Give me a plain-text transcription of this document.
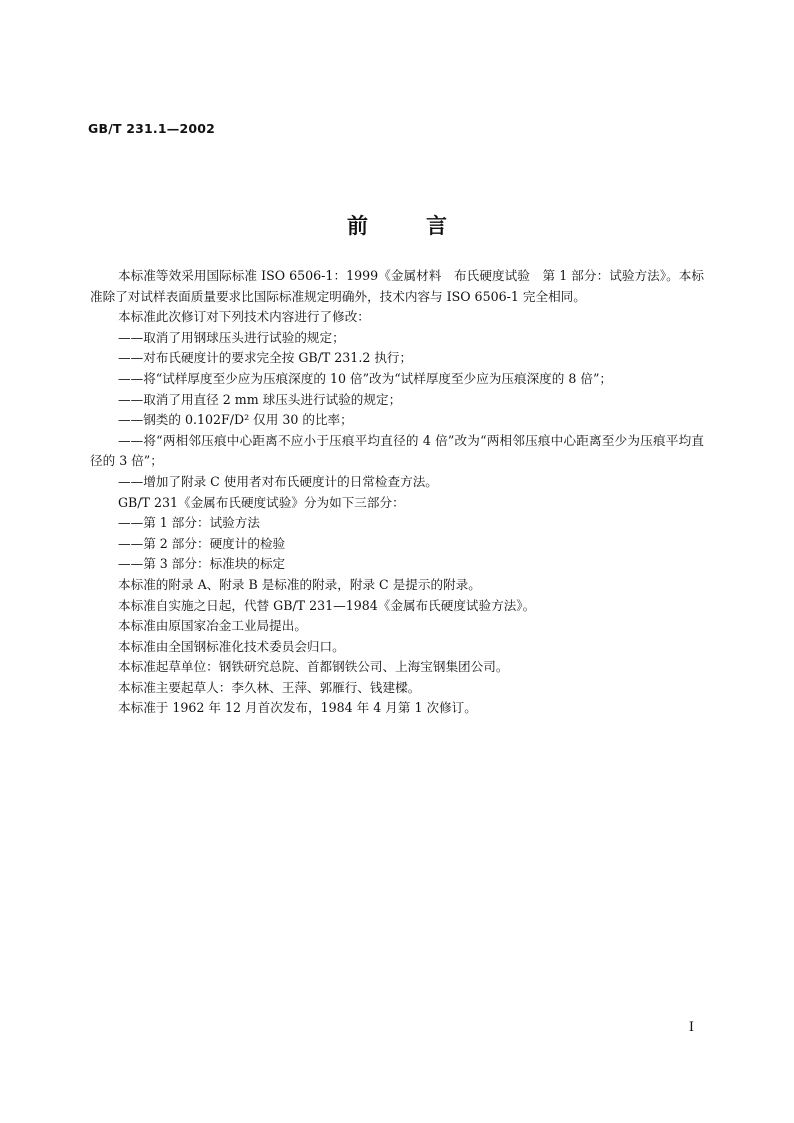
GB/T 231.1—2002
前言

本标准等效采用国际标准 ISO 6506-1：1999《金属材料　布氏硬度试验　第 1 部分：试验方法》。本标准除了对试样表面质量要求比国际标准规定明确外，技术内容与 ISO 6506-1 完全相同。

本标准此次修订对下列技术内容进行了修改：

——取消了用钢球压头进行试验的规定；

——对布氏硬度计的要求完全按 GB/T 231.2 执行；

——将“试样厚度至少应为压痕深度的 10 倍”改为“试样厚度至少应为压痕深度的 8 倍”；

——取消了用直径 2 mm 球压头进行试验的规定；

——钢类的 0.102F/D² 仅用 30 的比率；

——将“两相邻压痕中心距离不应小于压痕平均直径的 4 倍”改为“两相邻压痕中心距离至少为压痕平均直径的 3 倍”；

——增加了附录 C 使用者对布氏硬度计的日常检查方法。

GB/T 231《金属布氏硬度试验》分为如下三部分：

——第 1 部分：试验方法

——第 2 部分：硬度计的检验

——第 3 部分：标准块的标定

本标准的附录 A、附录 B 是标准的附录，附录 C 是提示的附录。

本标准自实施之日起，代替 GB/T 231—1984《金属布氏硬度试验方法》。

本标准由原国家冶金工业局提出。

本标准由全国钢标准化技术委员会归口。

本标准起草单位：钢铁研究总院、首都钢铁公司、上海宝钢集团公司。

本标准主要起草人：李久林、王萍、郭雁行、钱建樑。

本标准于 1962 年 12 月首次发布，1984 年 4 月第 1 次修订。

I
